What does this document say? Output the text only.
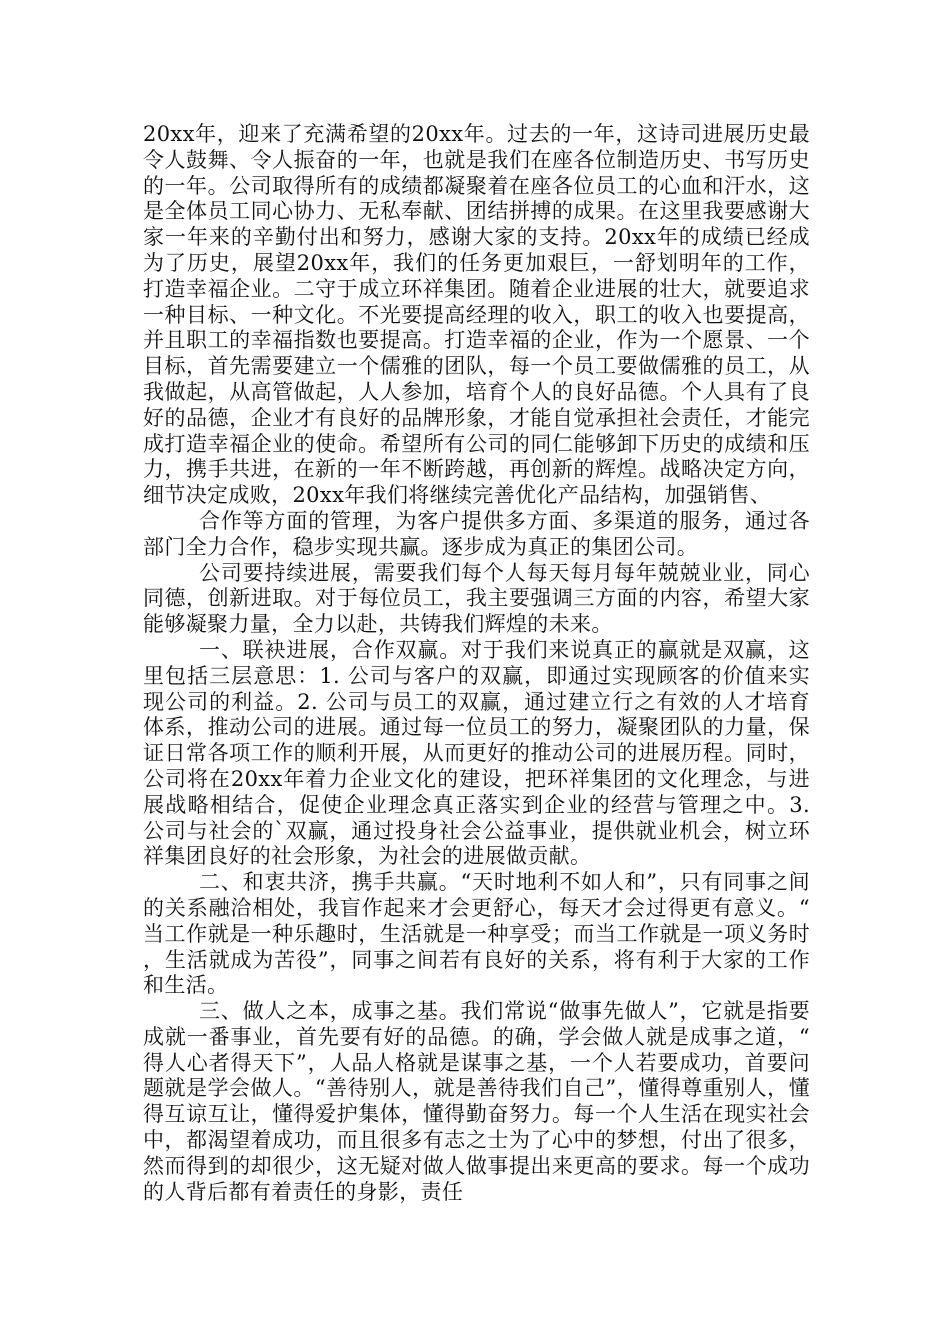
20xx年，迎来了充满希望的20xx年。过去的一年，这诗司进展历史最令人鼓舞、令人振奋的一年，也就是我们在座各位制造历史、书写历史的一年。公司取得所有的成绩都凝聚着在座各位员工的心血和汗水，这是全体员工同心协力、无私奉献、团结拼搏的成果。在这里我要感谢大家一年来的辛勤付出和努力，感谢大家的支持。20xx年的成绩已经成为了历史，展望20xx年，我们的任务更加艰巨，一舒划明年的工作，打造幸福企业。二守于成立环祥集团。随着企业进展的壮大，就要追求一种目标、一种文化。不光要提高经理的收入，职工的收入也要提高，并且职工的幸福指数也要提高。打造幸福的企业，作为一个愿景、一个目标，首先需要建立一个儒雅的团队，每一个员工要做儒雅的员工，从我做起，从高管做起，人人参加，培育个人的良好品德。个人具有了良好的品德，企业才有良好的品牌形象，才能自觉承担社会责任，才能完成打造幸福企业的使命。希望所有公司的同仁能够卸下历史的成绩和压力，携手共进，在新的一年不断跨越，再创新的辉煌。战略决定方向，细节决定成败，20xx年我们将继续完善优化产品结构，加强销售、

合作等方面的管理，为客户提供多方面、多渠道的服务，通过各部门全力合作，稳步实现共赢。逐步成为真正的集团公司。

公司要持续进展，需要我们每个人每天每月每年兢兢业业，同心同德，创新进取。对于每位员工，我主要强调三方面的内容，希望大家能够凝聚力量，全力以赴，共铸我们辉煌的未来。

一、联袂进展，合作双赢。对于我们来说真正的赢就是双赢，这里包括三层意思：1. 公司与客户的双赢，即通过实现顾客的价值来实现公司的利益。2. 公司与员工的双赢，通过建立行之有效的人才培育体系，推动公司的进展。通过每一位员工的努力，凝聚团队的力量，保证日常各项工作的顺利开展，从而更好的推动公司的进展历程。同时，公司将在20xx年着力企业文化的建设，把环祥集团的文化理念，与进展战略相结合，促使企业理念真正落实到企业的经营与管理之中。3. 公司与社会的`双赢，通过投身社会公益事业，提供就业机会，树立环祥集团良好的社会形象，为社会的进展做贡献。

二、和衷共济，携手共赢。“天时地利不如人和”，只有同事之间的关系融洽相处，我盲作起来才会更舒心，每天才会过得更有意义。“当工作就是一种乐趣时，生活就是一种享受；而当工作就是一项义务时，生活就成为苦役”，同事之间若有良好的关系，将有利于大家的工作和生活。

三、做人之本，成事之基。我们常说“做事先做人”，它就是指要成就一番事业，首先要有好的品德。的确，学会做人就是成事之道，“得人心者得天下”，人品人格就是谋事之基，一个人若要成功，首要问题就是学会做人。“善待别人，就是善待我们自己”，懂得尊重别人，懂得互谅互让，懂得爱护集体，懂得勤奋努力。每一个人生活在现实社会中，都渴望着成功，而且很多有志之士为了心中的梦想，付出了很多，然而得到的却很少，这无疑对做人做事提出来更高的要求。每一个成功的人背后都有着责任的身影，责任
